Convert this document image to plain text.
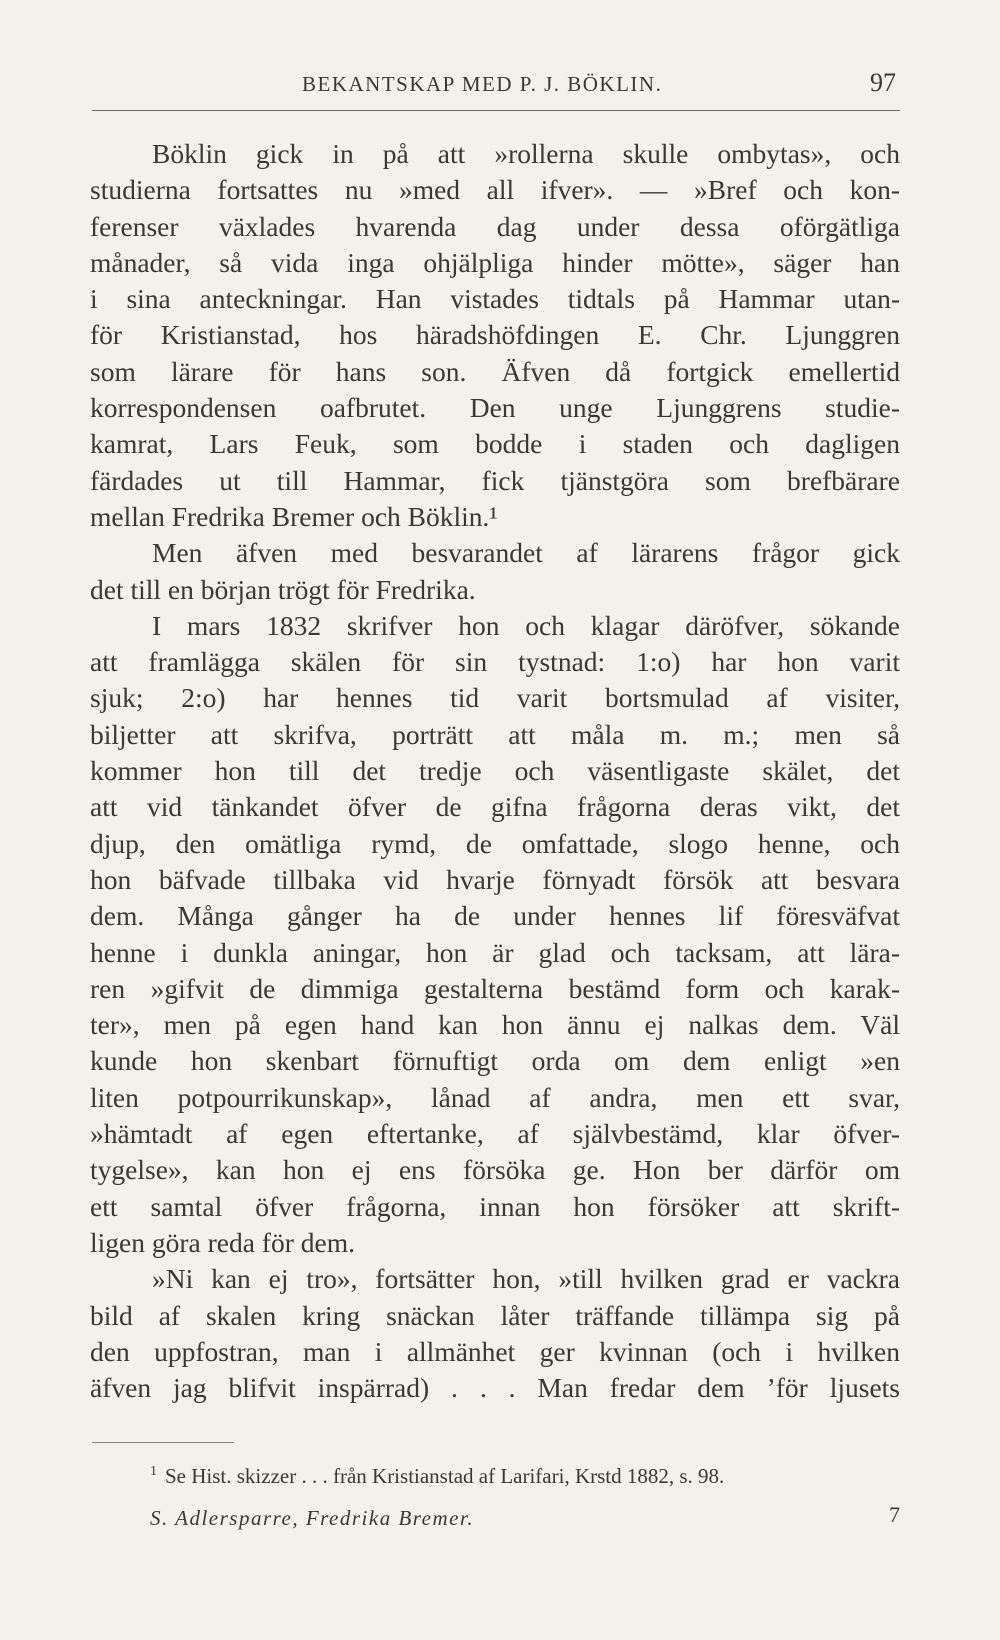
BEKANTSKAP MED P. J. BÖKLIN.	97
Böklin gick in på att »rollerna skulle ombytas», och
studierna fortsattes nu »med all ifver». — »Bref och kon-
ferenser växlades hvarenda dag under dessa oförgätliga
månader, så vida inga ohjälpliga hinder mötte», säger han
i sina anteckningar. Han vistades tidtals på Hammar utan-
för Kristianstad, hos häradshöfdingen E. Chr. Ljunggren
som lärare för hans son. Äfven då fortgick emellertid
korrespondensen oafbrutet. Den unge Ljunggrens studie-
kamrat, Lars Feuk, som bodde i staden och dagligen
färdades ut till Hammar, fick tjänstgöra som brefbärare
mellan Fredrika Bremer och Böklin.¹
Men äfven med besvarandet af lärarens frågor gick
det till en början trögt för Fredrika.
I mars 1832 skrifver hon och klagar däröfver, sökande
att framlägga skälen för sin tystnad: 1:o) har hon varit
sjuk; 2:o) har hennes tid varit bortsmulad af visiter,
biljetter att skrifva, porträtt att måla m. m.; men så
kommer hon till det tredje och väsentligaste skälet, det
att vid tänkandet öfver de gifna frågorna deras vikt, det
djup, den omätliga rymd, de omfattade, slogo henne, och
hon bäfvade tillbaka vid hvarje förnyadt försök att besvara
dem. Många gånger ha de under hennes lif föresväfvat
henne i dunkla aningar, hon är glad och tacksam, att lära-
ren »gifvit de dimmiga gestalterna bestämd form och karak-
ter», men på egen hand kan hon ännu ej nalkas dem. Väl
kunde hon skenbart förnuftigt orda om dem enligt »en
liten potpourrikunskap», lånad af andra, men ett svar,
»hämtadt af egen eftertanke, af självbestämd, klar öfver-
tygelse», kan hon ej ens försöka ge. Hon ber därför om
ett samtal öfver frågorna, innan hon försöker att skrift-
ligen göra reda för dem.
»Ni kan ej tro», fortsätter hon, »till hvilken grad er vackra
bild af skalen kring snäckan låter träffande tillämpa sig på
den uppfostran, man i allmänhet ger kvinnan (och i hvilken
äfven jag blifvit inspärrad) . . . Man fredar dem ’för ljusets
$^1$ Se Hist. skizzer . . . från Kristianstad af Larifari, Krstd 1882, s. 98.
S. Adlersparre, Fredrika Bremer.	7
